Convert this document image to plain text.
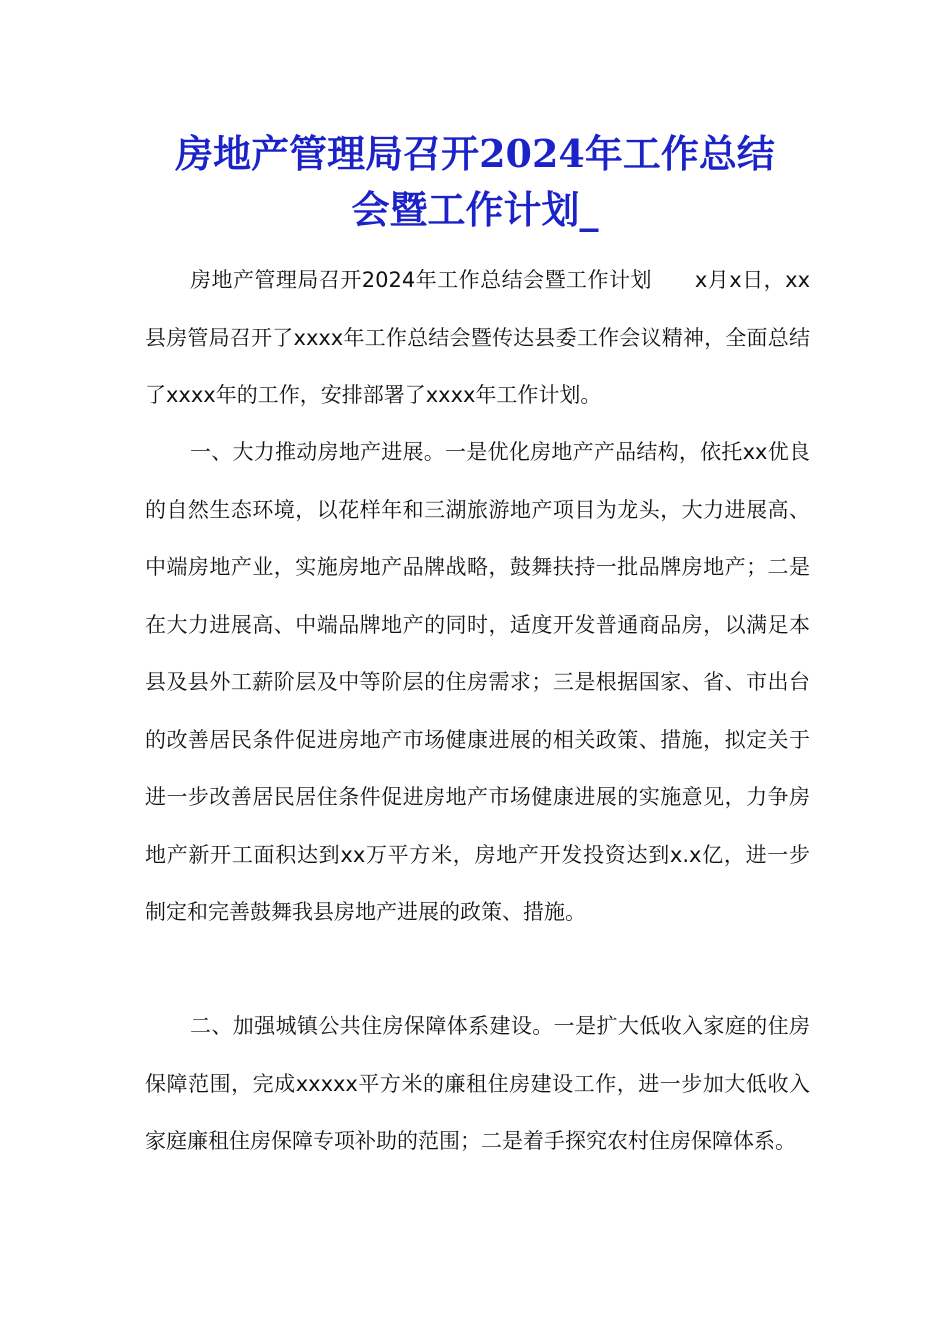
房地产管理局召开2024年工作总结
会暨工作计划_

房地产管理局召开2024年工作总结会暨工作计划　　x月x日，xx县房管局召开了xxxx年工作总结会暨传达县委工作会议精神，全面总结了xxxx年的工作，安排部署了xxxx年工作计划。

一、大力推动房地产进展。一是优化房地产产品结构，依托xx优良的自然生态环境，以花样年和三湖旅游地产项目为龙头，大力进展高、中端房地产业，实施房地产品牌战略，鼓舞扶持一批品牌房地产；二是在大力进展高、中端品牌地产的同时，适度开发普通商品房，以满足本县及县外工薪阶层及中等阶层的住房需求；三是根据国家、省、市出台的改善居民条件促进房地产市场健康进展的相关政策、措施，拟定关于进一步改善居民居住条件促进房地产市场健康进展的实施意见，力争房地产新开工面积达到xx万平方米，房地产开发投资达到x.x亿，进一步制定和完善鼓舞我县房地产进展的政策、措施。

二、加强城镇公共住房保障体系建设。一是扩大低收入家庭的住房保障范围，完成xxxxx平方米的廉租住房建设工作，进一步加大低收入家庭廉租住房保障专项补助的范围；二是着手探究农村住房保障体系。
